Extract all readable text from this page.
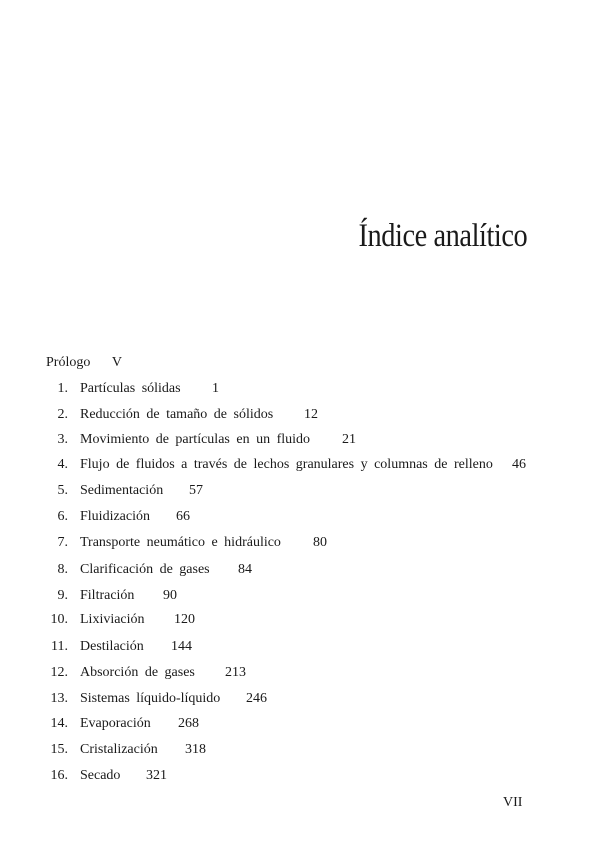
Índice analítico
Prólogo V
1. Partículas sólidas 1
2. Reducción de tamaño de sólidos 12
3. Movimiento de partículas en un fluido 21
4. Flujo de fluidos a través de lechos granulares y columnas de relleno 46
5. Sedimentación 57
6. Fluidización 66
7. Transporte neumático e hidráulico 80
8. Clarificación de gases 84
9. Filtración 90
10. Lixiviación 120
11. Destilación 144
12. Absorción de gases 213
13. Sistemas líquido-líquido 246
14. Evaporación 268
15. Cristalización 318
16. Secado 321
VII
